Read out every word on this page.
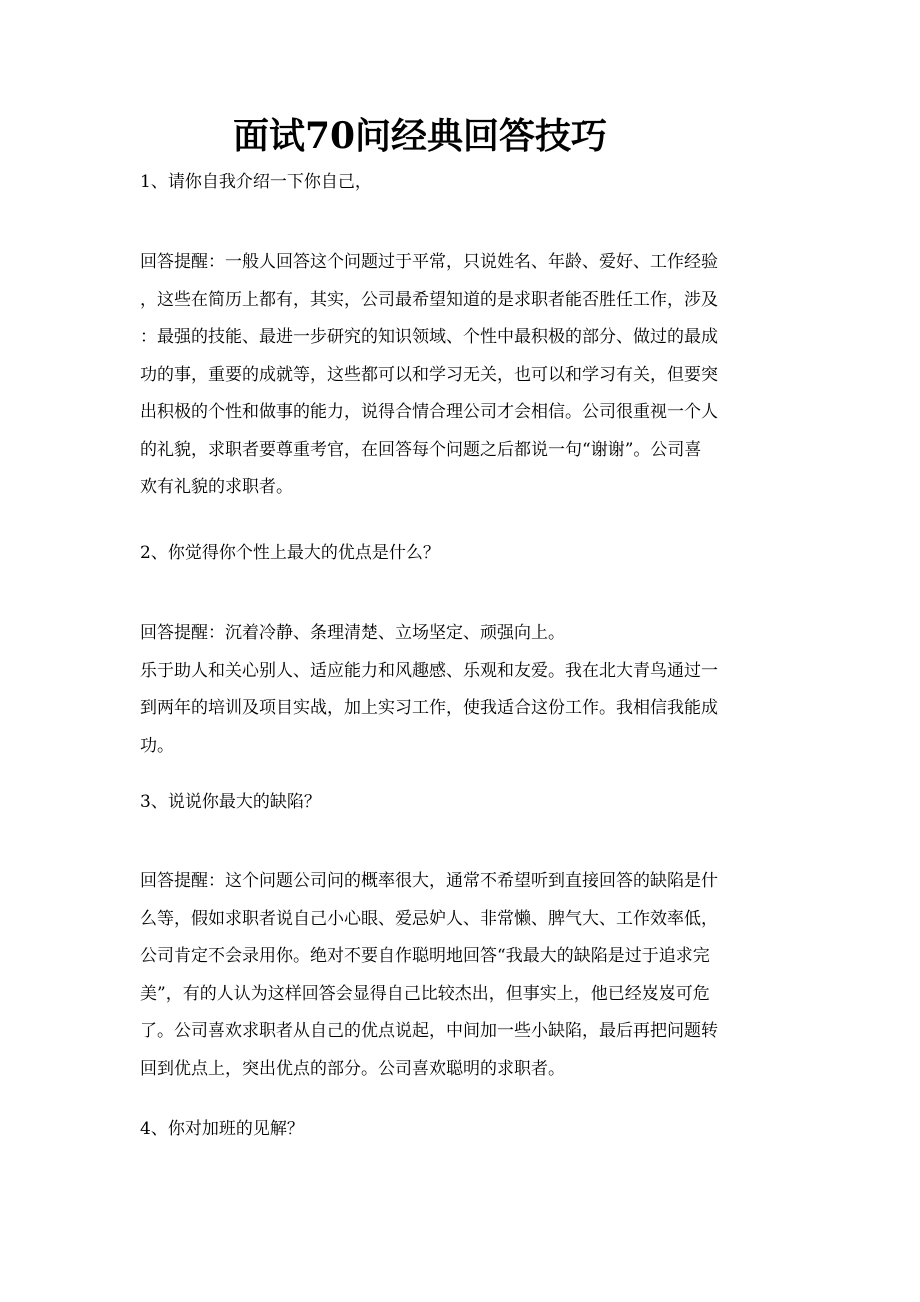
面试70问经典回答技巧
1、请你自我介绍一下你自己，
回答提醒：一般人回答这个问题过于平常，只说姓名、年龄、爱好、工作经验
，这些在简历上都有，其实，公司最希望知道的是求职者能否胜任工作，涉及
：最强的技能、最进一步研究的知识领域、个性中最积极的部分、做过的最成
功的事，重要的成就等，这些都可以和学习无关，也可以和学习有关，但要突
出积极的个性和做事的能力，说得合情合理公司才会相信。公司很重视一个人
的礼貌，求职者要尊重考官，在回答每个问题之后都说一句“谢谢”。公司喜
欢有礼貌的求职者。
2、你觉得你个性上最大的优点是什么？
回答提醒：沉着冷静、条理清楚、立场坚定、顽强向上。
乐于助人和关心别人、适应能力和风趣感、乐观和友爱。我在北大青鸟通过一
到两年的培训及项目实战，加上实习工作，使我适合这份工作。我相信我能成
功。
3、说说你最大的缺陷？
回答提醒：这个问题公司问的概率很大，通常不希望听到直接回答的缺陷是什
么等，假如求职者说自己小心眼、爱忌妒人、非常懒、脾气大、工作效率低，
公司肯定不会录用你。绝对不要自作聪明地回答“我最大的缺陷是过于追求完
美”，有的人认为这样回答会显得自己比较杰出，但事实上，他已经岌岌可危
了。公司喜欢求职者从自己的优点说起，中间加一些小缺陷，最后再把问题转
回到优点上，突出优点的部分。公司喜欢聪明的求职者。
4、你对加班的见解？
